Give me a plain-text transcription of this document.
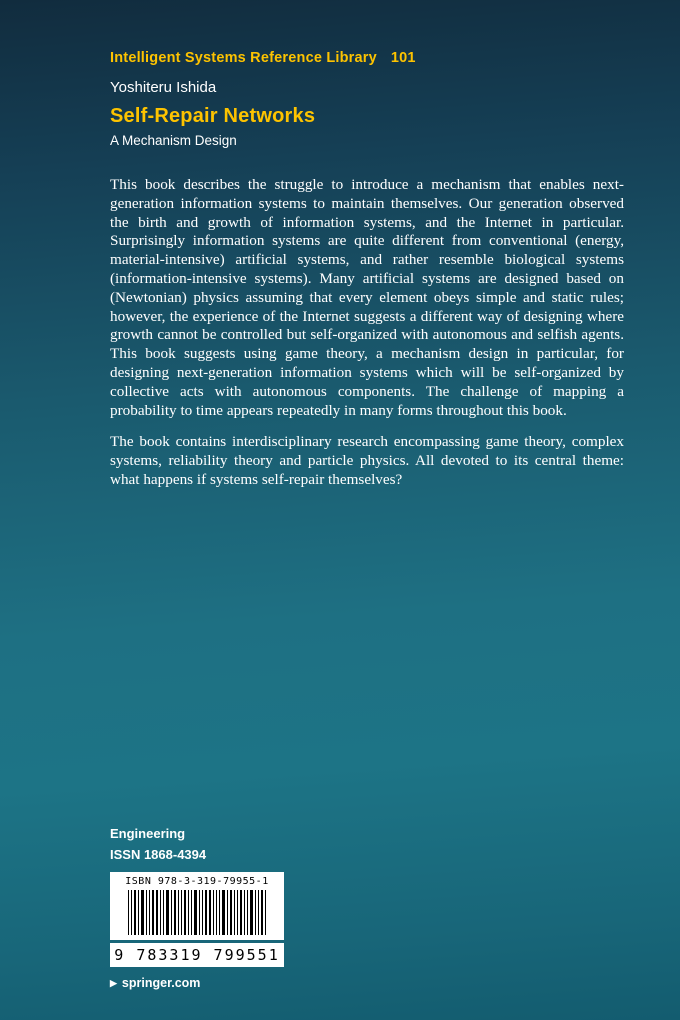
Intelligent Systems Reference Library 101
Yoshiteru Ishida
Self-Repair Networks
A Mechanism Design

This book describes the struggle to introduce a mechanism that enables next-generation information systems to maintain themselves. Our generation observed the birth and growth of information systems, and the Internet in particular. Surprisingly information systems are quite different from conventional (energy, material-intensive) artificial systems, and rather resemble biological systems (information-intensive systems). Many artificial systems are designed based on (Newtonian) physics assuming that every element obeys simple and static rules; however, the experience of the Internet suggests a different way of designing where growth cannot be controlled but self-organized with autonomous and selfish agents. This book suggests using game theory, a mechanism design in particular, for designing next-generation information systems which will be self-organized by collective acts with autonomous components. The challenge of mapping a probability to time appears repeatedly in many forms throughout this book.

The book contains interdisciplinary research encompassing game theory, complex systems, reliability theory and particle physics. All devoted to its central theme: what happens if systems self-repair themselves?

Engineering
ISSN 1868-4394
ISBN 978-3-319-79955-1
9 783319 799551
▶ springer.com
